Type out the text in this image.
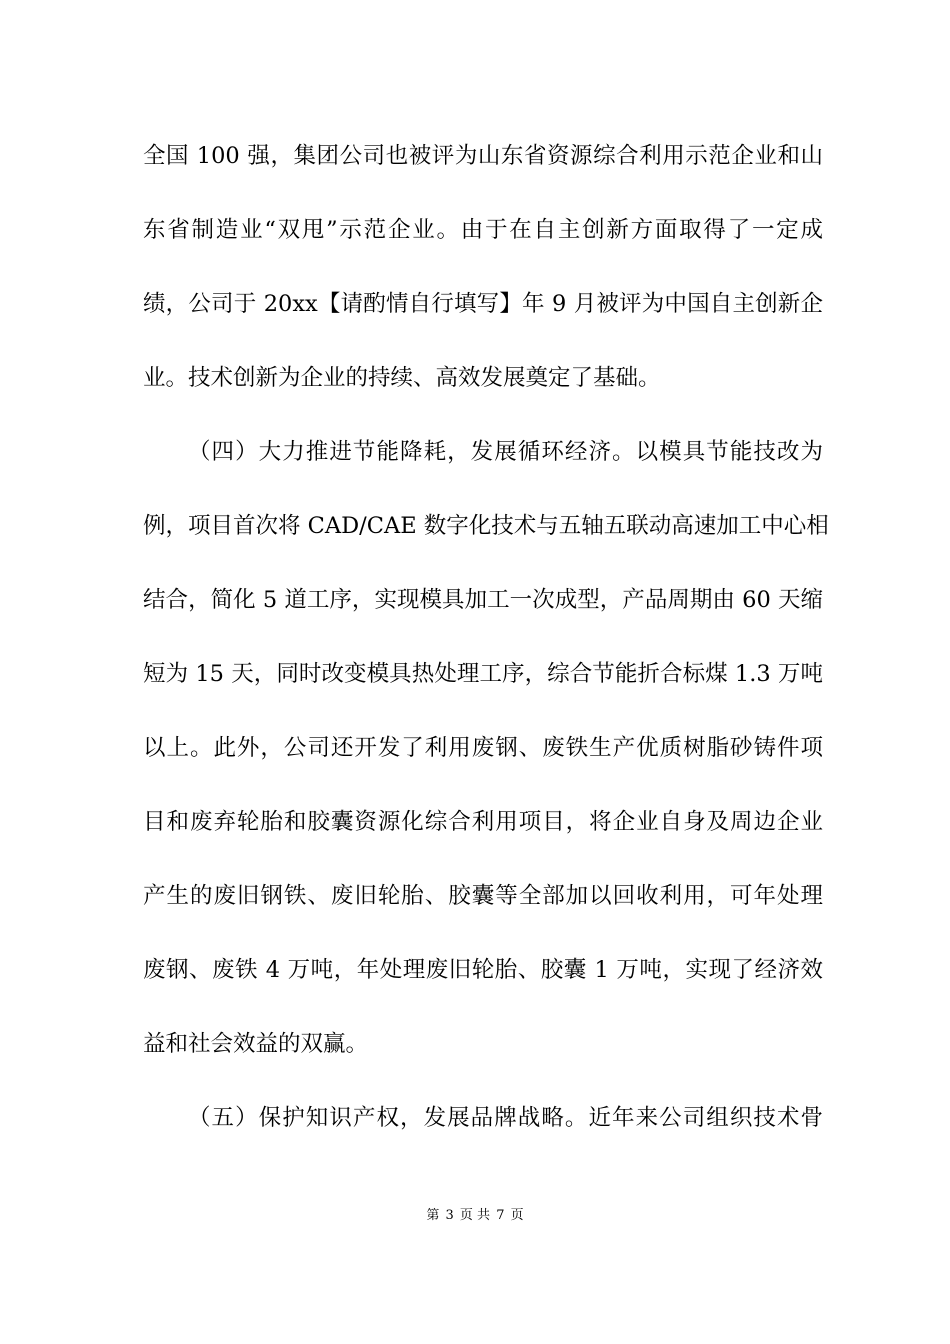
全国 100 强，集团公司也被评为山东省资源综合利用示范企业和山
东省制造业“双甩”示范企业。由于在自主创新方面取得了一定成
绩，公司于 20xx【请酌情自行填写】年 9 月被评为中国自主创新企
业。技术创新为企业的持续、高效发展奠定了基础。
（四）大力推进节能降耗，发展循环经济。以模具节能技改为
例，项目首次将 CAD/CAE 数字化技术与五轴五联动高速加工中心相
结合，简化 5 道工序，实现模具加工一次成型，产品周期由 60 天缩
短为 15 天，同时改变模具热处理工序，综合节能折合标煤 1.3 万吨
以上。此外，公司还开发了利用废钢、废铁生产优质树脂砂铸件项
目和废弃轮胎和胶囊资源化综合利用项目，将企业自身及周边企业
产生的废旧钢铁、废旧轮胎、胶囊等全部加以回收利用，可年处理
废钢、废铁 4 万吨，年处理废旧轮胎、胶囊 1 万吨，实现了经济效
益和社会效益的双赢。
（五）保护知识产权，发展品牌战略。近年来公司组织技术骨
第 3 页 共 7 页
